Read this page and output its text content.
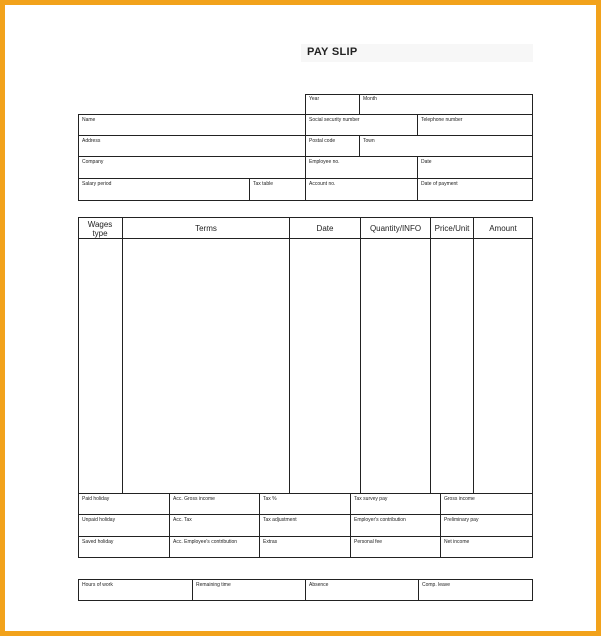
PAY SLIP
Year	Month
Name	Social security number	Telephone number
Address	Postal code	Town
Company	Employee no.	Date
Salary period	Tax table	Account no.	Date of payment
Wages type	Terms	Date	Quantity/INFO	Price/Unit	Amount
Paid holiday	Acc. Gross income	Tax %	Tax survey pay	Gross income
Unpaid holiday	Acc. Tax	Tax adjustment	Employer's contribution	Preliminary pay
Saved holiday	Acc. Employee's contribution	Extras	Personal fee	Net income
Hours of work	Remaining time	Absence	Comp. leave
